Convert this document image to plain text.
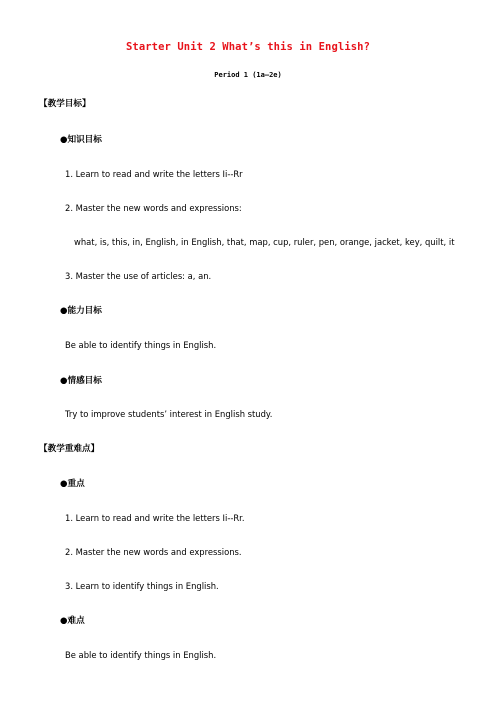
Starter Unit 2 What’s this in English?
Period 1 (1a–2e)
【教学目标】
●知识目标
1. Learn to read and write the letters Ii--Rr
2. Master the new words and expressions:
what, is, this, in, English, in English, that, map, cup, ruler, pen, orange, jacket, key, quilt, it
3. Master the use of articles: a, an.
●能力目标
Be able to identify things in English.
●情感目标
Try to improve students’ interest in English study.
【教学重难点】
●重点
1. Learn to read and write the letters Ii--Rr.
2. Master the new words and expressions.
3. Learn to identify things in English.
●难点
Be able to identify things in English.
